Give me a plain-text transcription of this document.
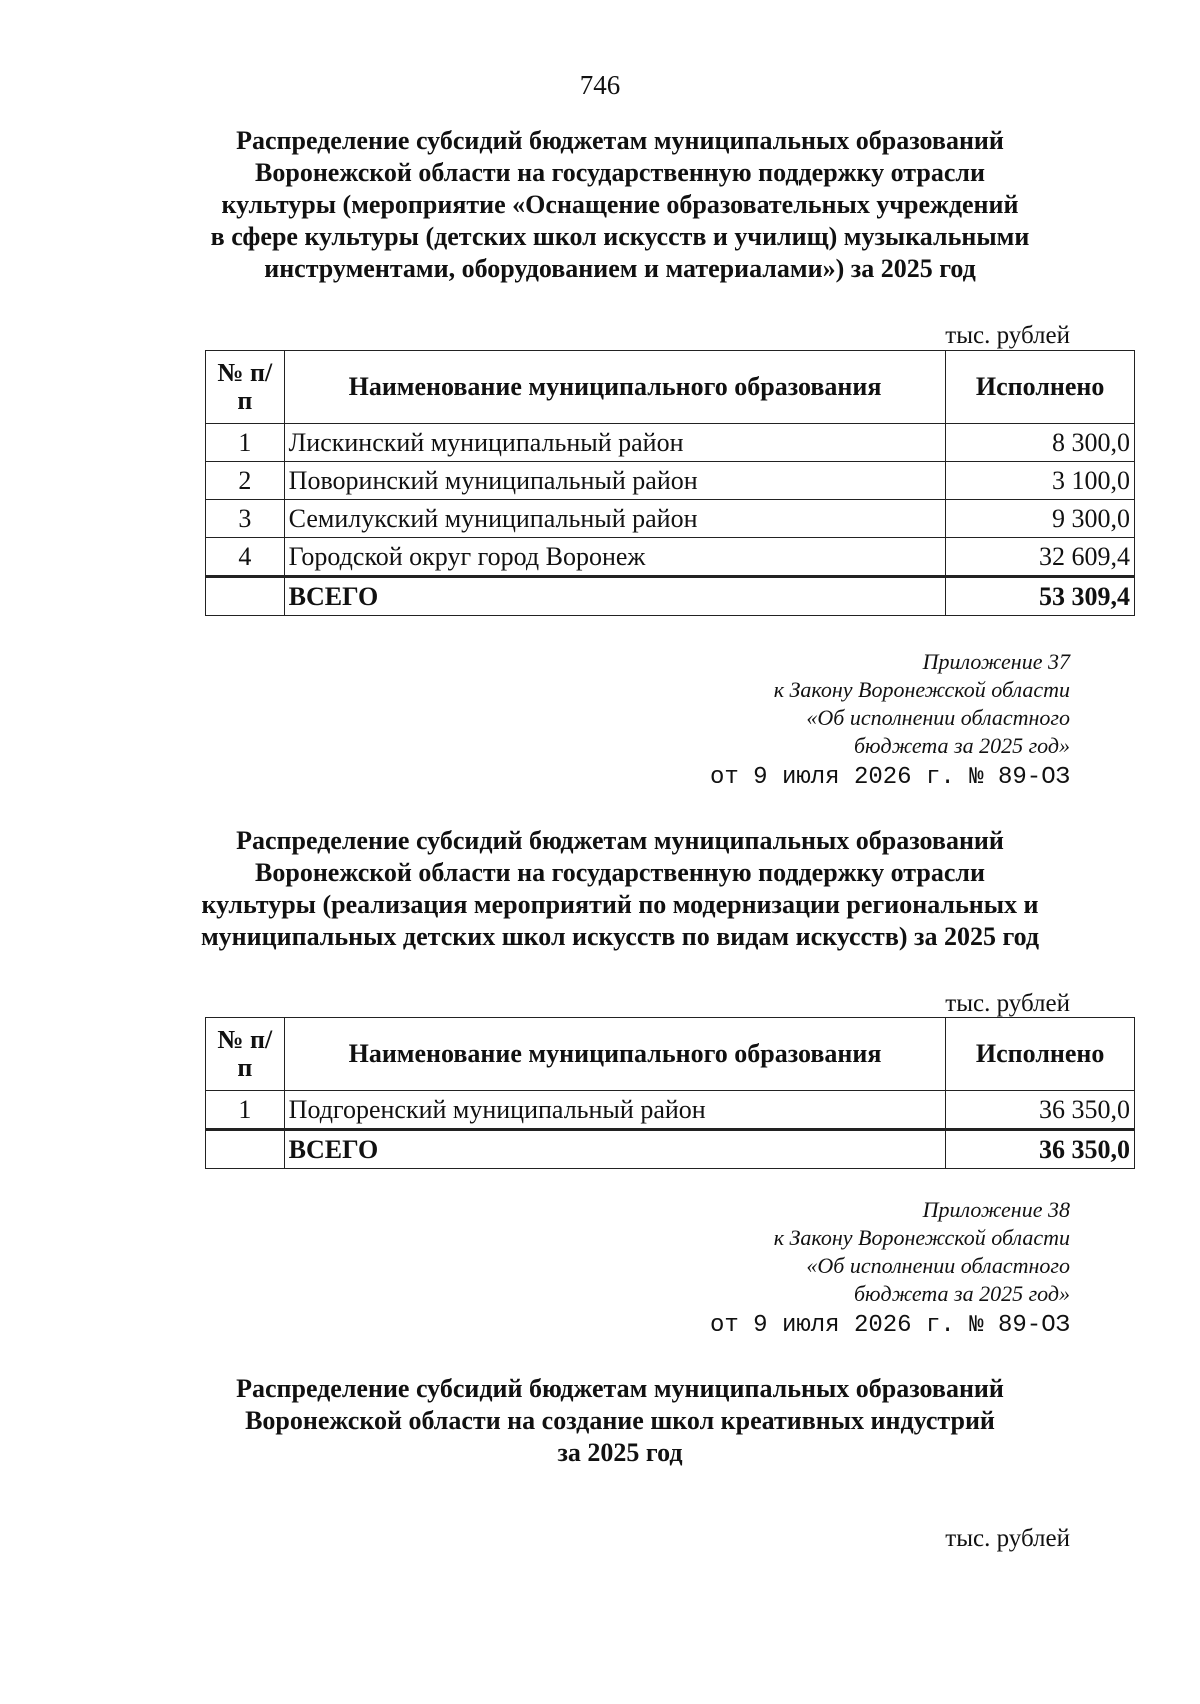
746
Распределение субсидий бюджетам муниципальных образований
Воронежской области на государственную поддержку отрасли
культуры (мероприятие «Оснащение образовательных учреждений
в сфере культуры (детских школ искусств и училищ) музыкальными
инструментами, оборудованием и материалами») за 2025 год
тыс. рублей
№ п/п	Наименование муниципального образования	Исполнено
1	Лискинский муниципальный район	8 300,0
2	Поворинский муниципальный район	3 100,0
3	Семилукский муниципальный район	9 300,0
4	Городской округ город Воронеж	32 609,4
	ВСЕГО	53 309,4
Приложение 37
к Закону Воронежской области
«Об исполнении областного
бюджета за 2025 год»
от 9 июля 2026 г. № 89-ОЗ
Распределение субсидий бюджетам муниципальных образований
Воронежской области на государственную поддержку отрасли
культуры (реализация мероприятий по модернизации региональных и
муниципальных детских школ искусств по видам искусств) за 2025 год
тыс. рублей
№ п/п	Наименование муниципального образования	Исполнено
1	Подгоренский муниципальный район	36 350,0
	ВСЕГО	36 350,0
Приложение 38
к Закону Воронежской области
«Об исполнении областного
бюджета за 2025 год»
от 9 июля 2026 г. № 89-ОЗ
Распределение субсидий бюджетам муниципальных образований
Воронежской области на создание школ креативных индустрий
за 2025 год
тыс. рублей
